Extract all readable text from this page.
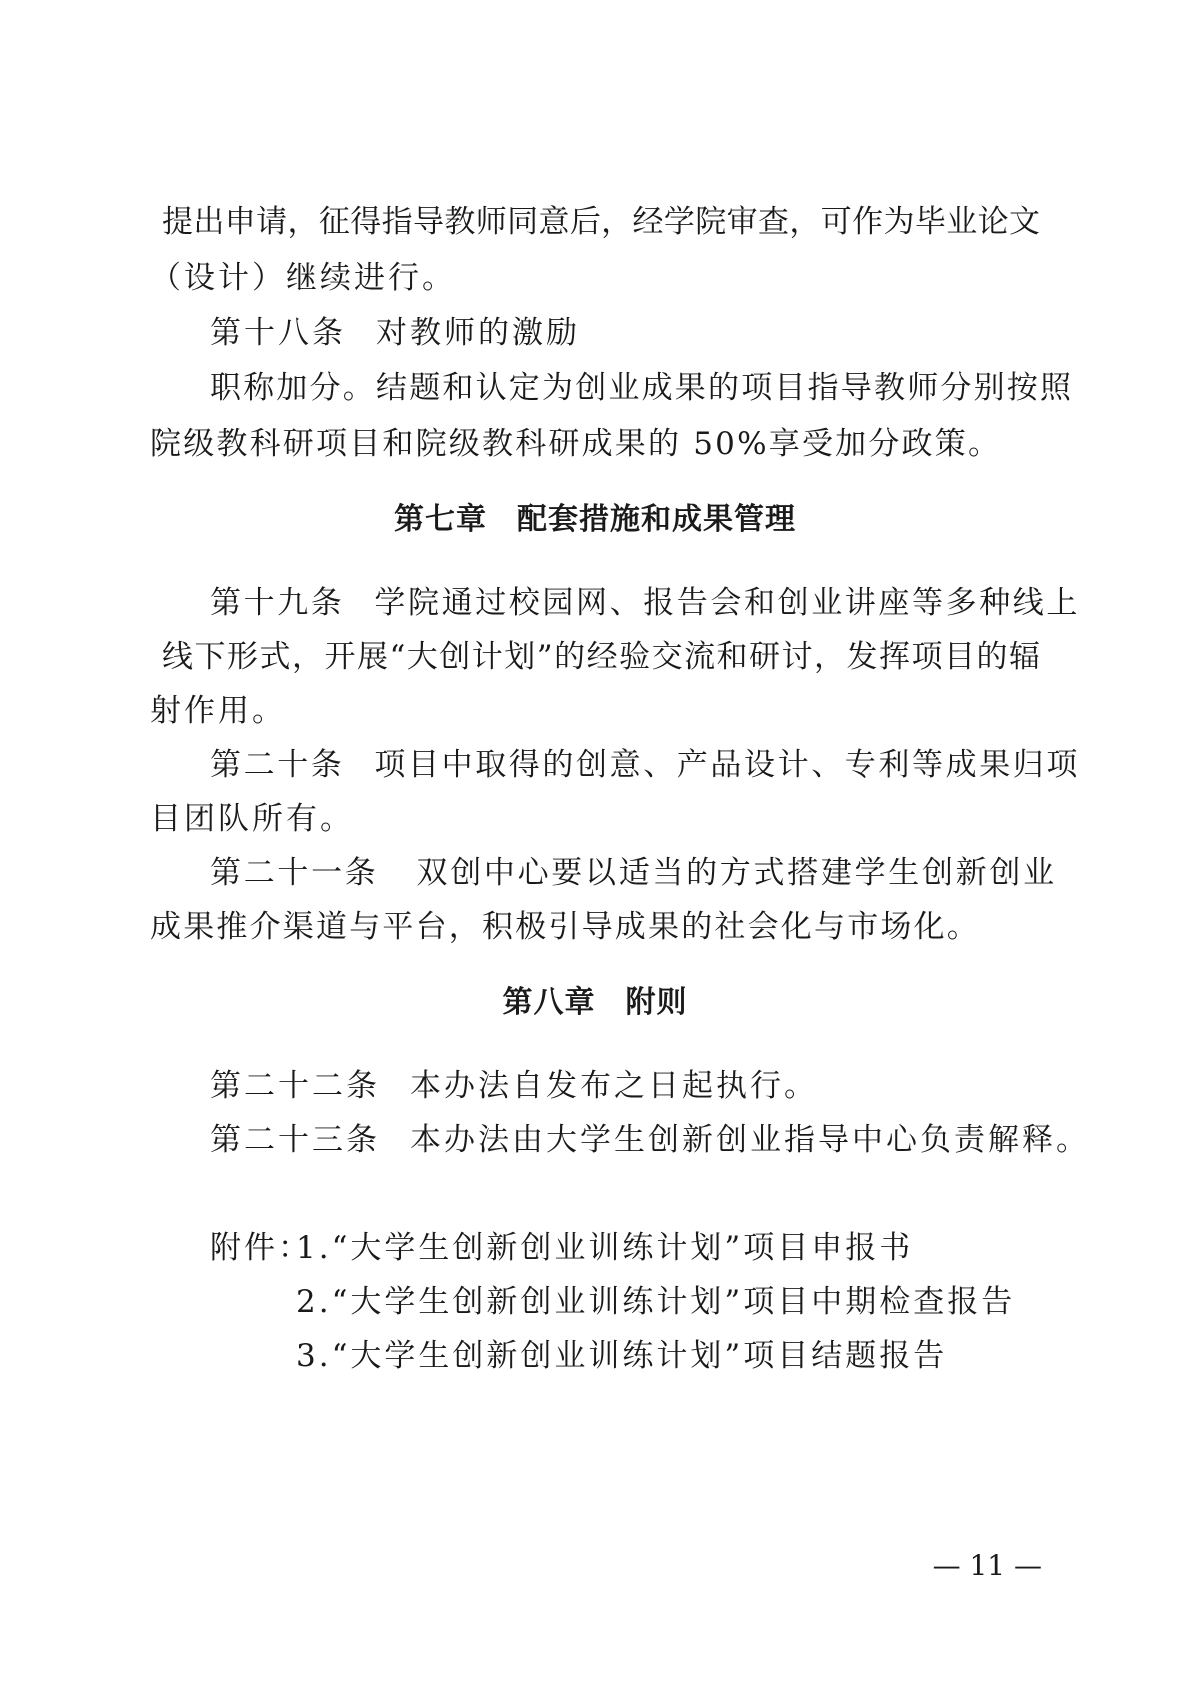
提出申请，征得指导教师同意后，经学院审查，可作为毕业论文
（设计）继续进行。
第十八条 对教师的激励
职称加分。结题和认定为创业成果的项目指导教师分别按照
院级教科研项目和院级教科研成果的 50%享受加分政策。
第七章 配套措施和成果管理
第十九条 学院通过校园网、报告会和创业讲座等多种线上
线下形式，开展“大创计划”的经验交流和研讨，发挥项目的辐
射作用。
第二十条 项目中取得的创意、产品设计、专利等成果归项
目团队所有。
第二十一条 双创中心要以适当的方式搭建学生创新创业
成果推介渠道与平台，积极引导成果的社会化与市场化。
第八章 附则
第二十二条 本办法自发布之日起执行。
第二十三条 本办法由大学生创新创业指导中心负责解释。
附件：
1.“大学生创新创业训练计划”项目申报书
2.“大学生创新创业训练计划”项目中期检查报告
3.“大学生创新创业训练计划”项目结题报告
— 11 —
